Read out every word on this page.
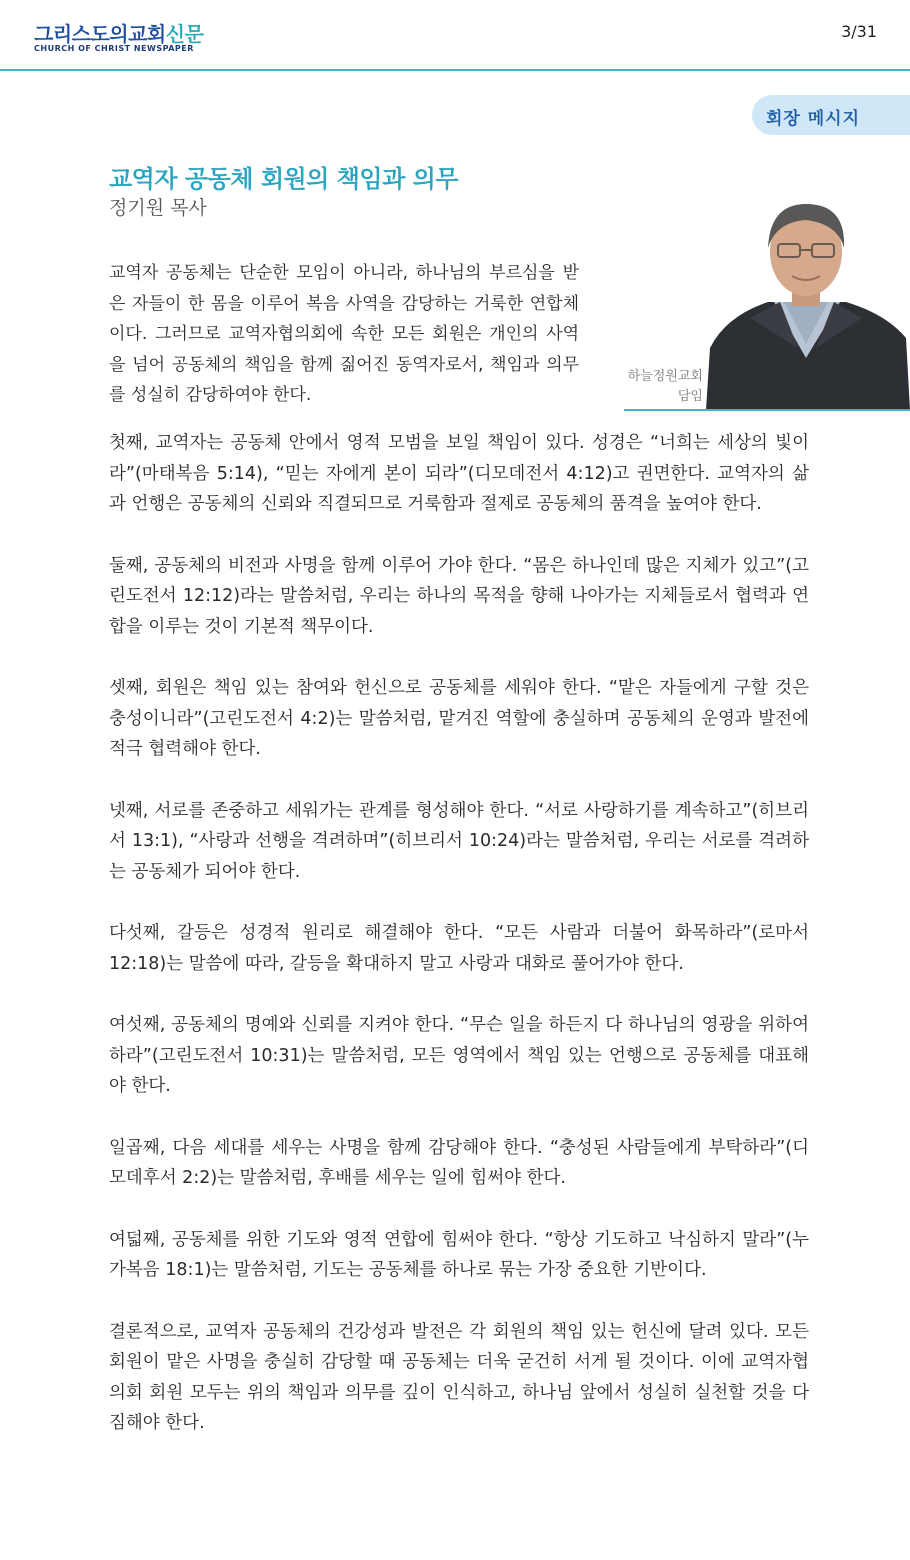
그리스도의교회신문
CHURCH OF CHRIST NEWSPAPER
3/31
회장 메시지
교역자 공동체 회원의 책임과 의무
정기원 목사

교역자 공동체는 단순한 모임이 아니라, 하나님의 부르심을 받은 자들이 한 몸을 이루어 복음 사역을 감당하는 거룩한 연합체이다. 그러므로 교역자협의회에 속한 모든 회원은 개인의 사역을 넘어 공동체의 책임을 함께 짊어진 동역자로서, 책임과 의무를 성실히 감당하여야 한다.

하늘정원교회
담임

첫째, 교역자는 공동체 안에서 영적 모범을 보일 책임이 있다. 성경은 “너희는 세상의 빛이라”(마태복음 5:14), “믿는 자에게 본이 되라”(디모데전서 4:12)고 권면한다. 교역자의 삶과 언행은 공동체의 신뢰와 직결되므로 거룩함과 절제로 공동체의 품격을 높여야 한다.

둘째, 공동체의 비전과 사명을 함께 이루어 가야 한다. “몸은 하나인데 많은 지체가 있고”(고린도전서 12:12)라는 말씀처럼, 우리는 하나의 목적을 향해 나아가는 지체들로서 협력과 연합을 이루는 것이 기본적 책무이다.

셋째, 회원은 책임 있는 참여와 헌신으로 공동체를 세워야 한다. “맡은 자들에게 구할 것은 충성이니라”(고린도전서 4:2)는 말씀처럼, 맡겨진 역할에 충실하며 공동체의 운영과 발전에 적극 협력해야 한다.

넷째, 서로를 존중하고 세워가는 관계를 형성해야 한다. “서로 사랑하기를 계속하고”(히브리서 13:1), “사랑과 선행을 격려하며”(히브리서 10:24)라는 말씀처럼, 우리는 서로를 격려하는 공동체가 되어야 한다.

다섯째, 갈등은 성경적 원리로 해결해야 한다. “모든 사람과 더불어 화목하라”(로마서 12:18)는 말씀에 따라, 갈등을 확대하지 말고 사랑과 대화로 풀어가야 한다.

여섯째, 공동체의 명예와 신뢰를 지켜야 한다. “무슨 일을 하든지 다 하나님의 영광을 위하여 하라”(고린도전서 10:31)는 말씀처럼, 모든 영역에서 책임 있는 언행으로 공동체를 대표해야 한다.

일곱째, 다음 세대를 세우는 사명을 함께 감당해야 한다. “충성된 사람들에게 부탁하라”(디모데후서 2:2)는 말씀처럼, 후배를 세우는 일에 힘써야 한다.

여덟째, 공동체를 위한 기도와 영적 연합에 힘써야 한다. “항상 기도하고 낙심하지 말라”(누가복음 18:1)는 말씀처럼, 기도는 공동체를 하나로 묶는 가장 중요한 기반이다.

결론적으로, 교역자 공동체의 건강성과 발전은 각 회원의 책임 있는 헌신에 달려 있다. 모든 회원이 맡은 사명을 충실히 감당할 때 공동체는 더욱 굳건히 서게 될 것이다. 이에 교역자협의회 회원 모두는 위의 책임과 의무를 깊이 인식하고, 하나님 앞에서 성실히 실천할 것을 다짐해야 한다.
